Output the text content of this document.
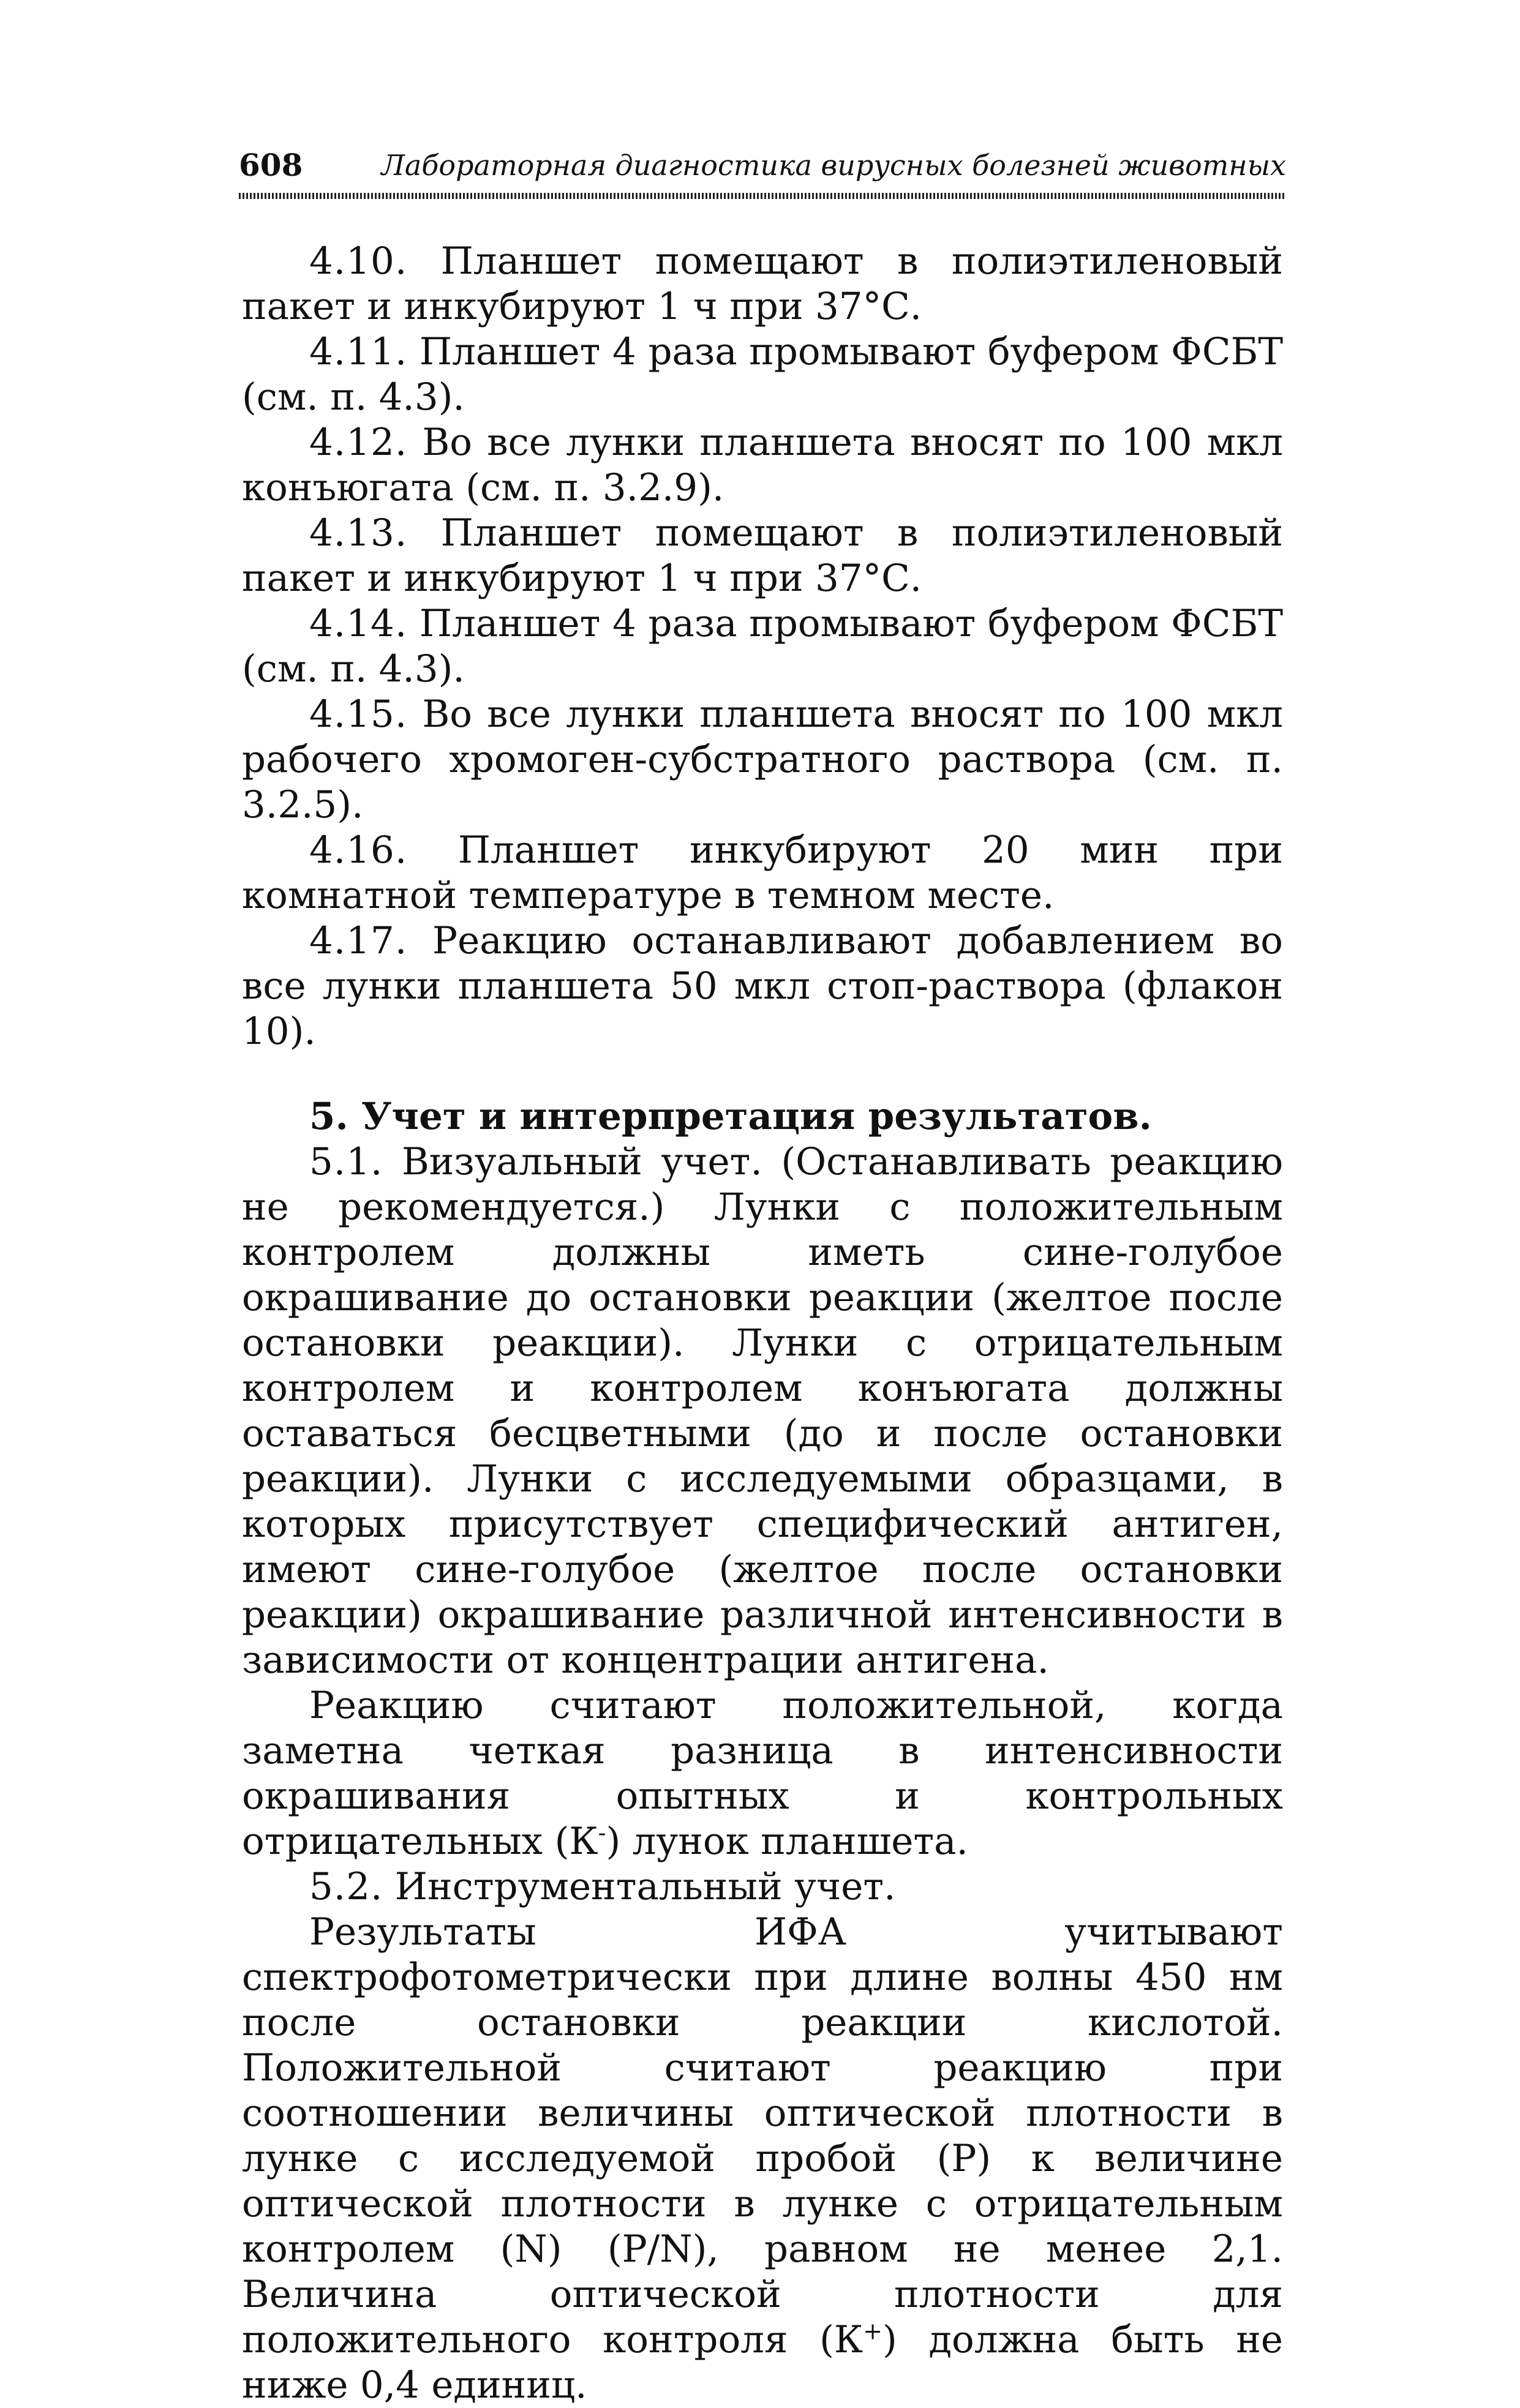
608	Лабораторная диагностика вирусных болезней животных

4.10. Планшет помещают в полиэтиленовый пакет и инкубируют 1 ч при 37°С.

4.11. Планшет 4 раза промывают буфером ФСБТ (см. п. 4.3).

4.12. Во все лунки планшета вносят по 100 мкл конъюгата (см. п. 3.2.9).

4.13. Планшет помещают в полиэтиленовый пакет и инкубируют 1 ч при 37°С.

4.14. Планшет 4 раза промывают буфером ФСБТ (см. п. 4.3).

4.15. Во все лунки планшета вносят по 100 мкл рабочего хромоген-субстратного раствора (см. п. 3.2.5).

4.16. Планшет инкубируют 20 мин при комнатной температуре в темном месте.

4.17. Реакцию останавливают добавлением во все лунки планшета 50 мкл стоп-раствора (флакон 10).

5. Учет и интерпретация результатов.

5.1. Визуальный учет. (Останавливать реакцию не рекомендуется.) Лунки с положительным контролем должны иметь сине-голубое окрашивание до остановки реакции (желтое после остановки реакции). Лунки с отрицательным контролем и контролем конъюгата должны оставаться бесцветными (до и после остановки реакции). Лунки с исследуемыми образцами, в которых присутствует специфический антиген, имеют сине-голубое (желтое после остановки реакции) окрашивание различной интенсивности в зависимости от концентрации антигена.

Реакцию считают положительной, когда заметна четкая разница в интенсивности окрашивания опытных и контрольных отрицательных (К-) лунок планшета.

5.2. Инструментальный учет.

Результаты ИФА учитывают спектрофотометрически при длине волны 450 нм после остановки реакции кислотой. Положительной считают реакцию при соотношении величины оптической плотности в лунке с исследуемой пробой (Р) к величине оптической плотности в лунке с отрицательным контролем (N) (P/N), равном не менее 2,1. Величина оптической плотности для положительного контроля (К+) должна быть не ниже 0,4 единиц.
